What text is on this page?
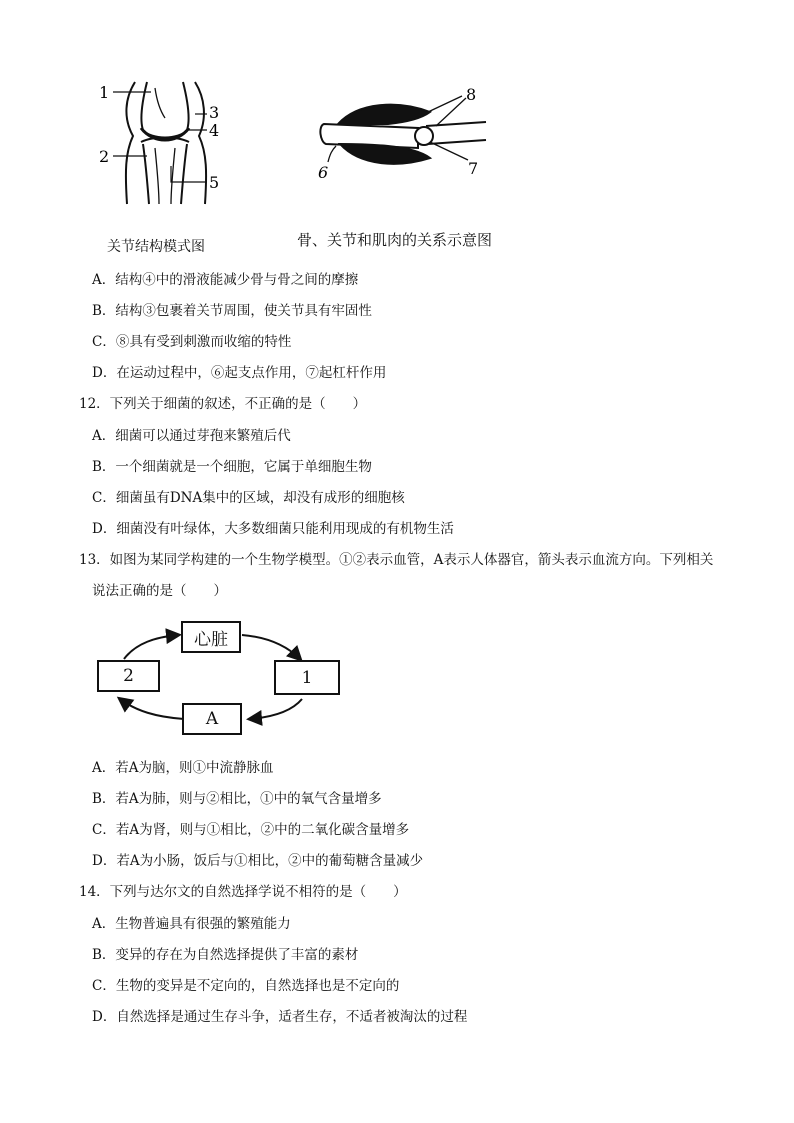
1
2
3
4
5
6	7
8
关节结构模式图	骨、关节和肌肉的关系示意图
A．结构④中的滑液能减少骨与骨之间的摩擦
B．结构③包裹着关节周围，使关节具有牢固性
C．⑧具有受到刺激而收缩的特性
D．在运动过程中，⑥起支点作用，⑦起杠杆作用
12．下列关于细菌的叙述，不正确的是（　　）
A．细菌可以通过芽孢来繁殖后代
B．一个细菌就是一个细胞，它属于单细胞生物
C．细菌虽有DNA集中的区域，却没有成形的细胞核
D．细菌没有叶绿体，大多数细菌只能利用现成的有机物生活
13．如图为某同学构建的一个生物学模型。①②表示血管，A表示人体器官，箭头表示血流方向。下列相关
说法正确的是（　　）
心脏
1
2
A
A．若A为脑，则①中流静脉血
B．若A为肺，则与②相比，①中的氧气含量增多
C．若A为肾，则与①相比，②中的二氧化碳含量增多
D．若A为小肠，饭后与①相比，②中的葡萄糖含量减少
14．下列与达尔文的自然选择学说不相符的是（　　）
A．生物普遍具有很强的繁殖能力
B．变异的存在为自然选择提供了丰富的素材
C．生物的变异是不定向的，自然选择也是不定向的
D．自然选择是通过生存斗争，适者生存，不适者被淘汰的过程
